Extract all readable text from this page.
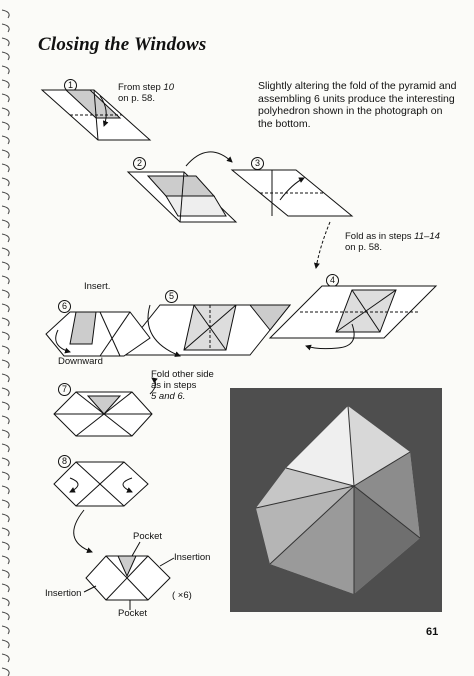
Closing the Windows
Slightly altering the fold of the pyramid and assembling 6 units produce the interesting polyhedron shown in the photograph on the bottom.
1
2	3
4
5
6
7
8
From step 10
on p. 58.
Fold as in steps 11–14
on p. 58.
Insert.
Downward
Fold other side
as in steps
5 and 6.
Pocket
Insertion
Insertion	( ×6)
Pocket
61
